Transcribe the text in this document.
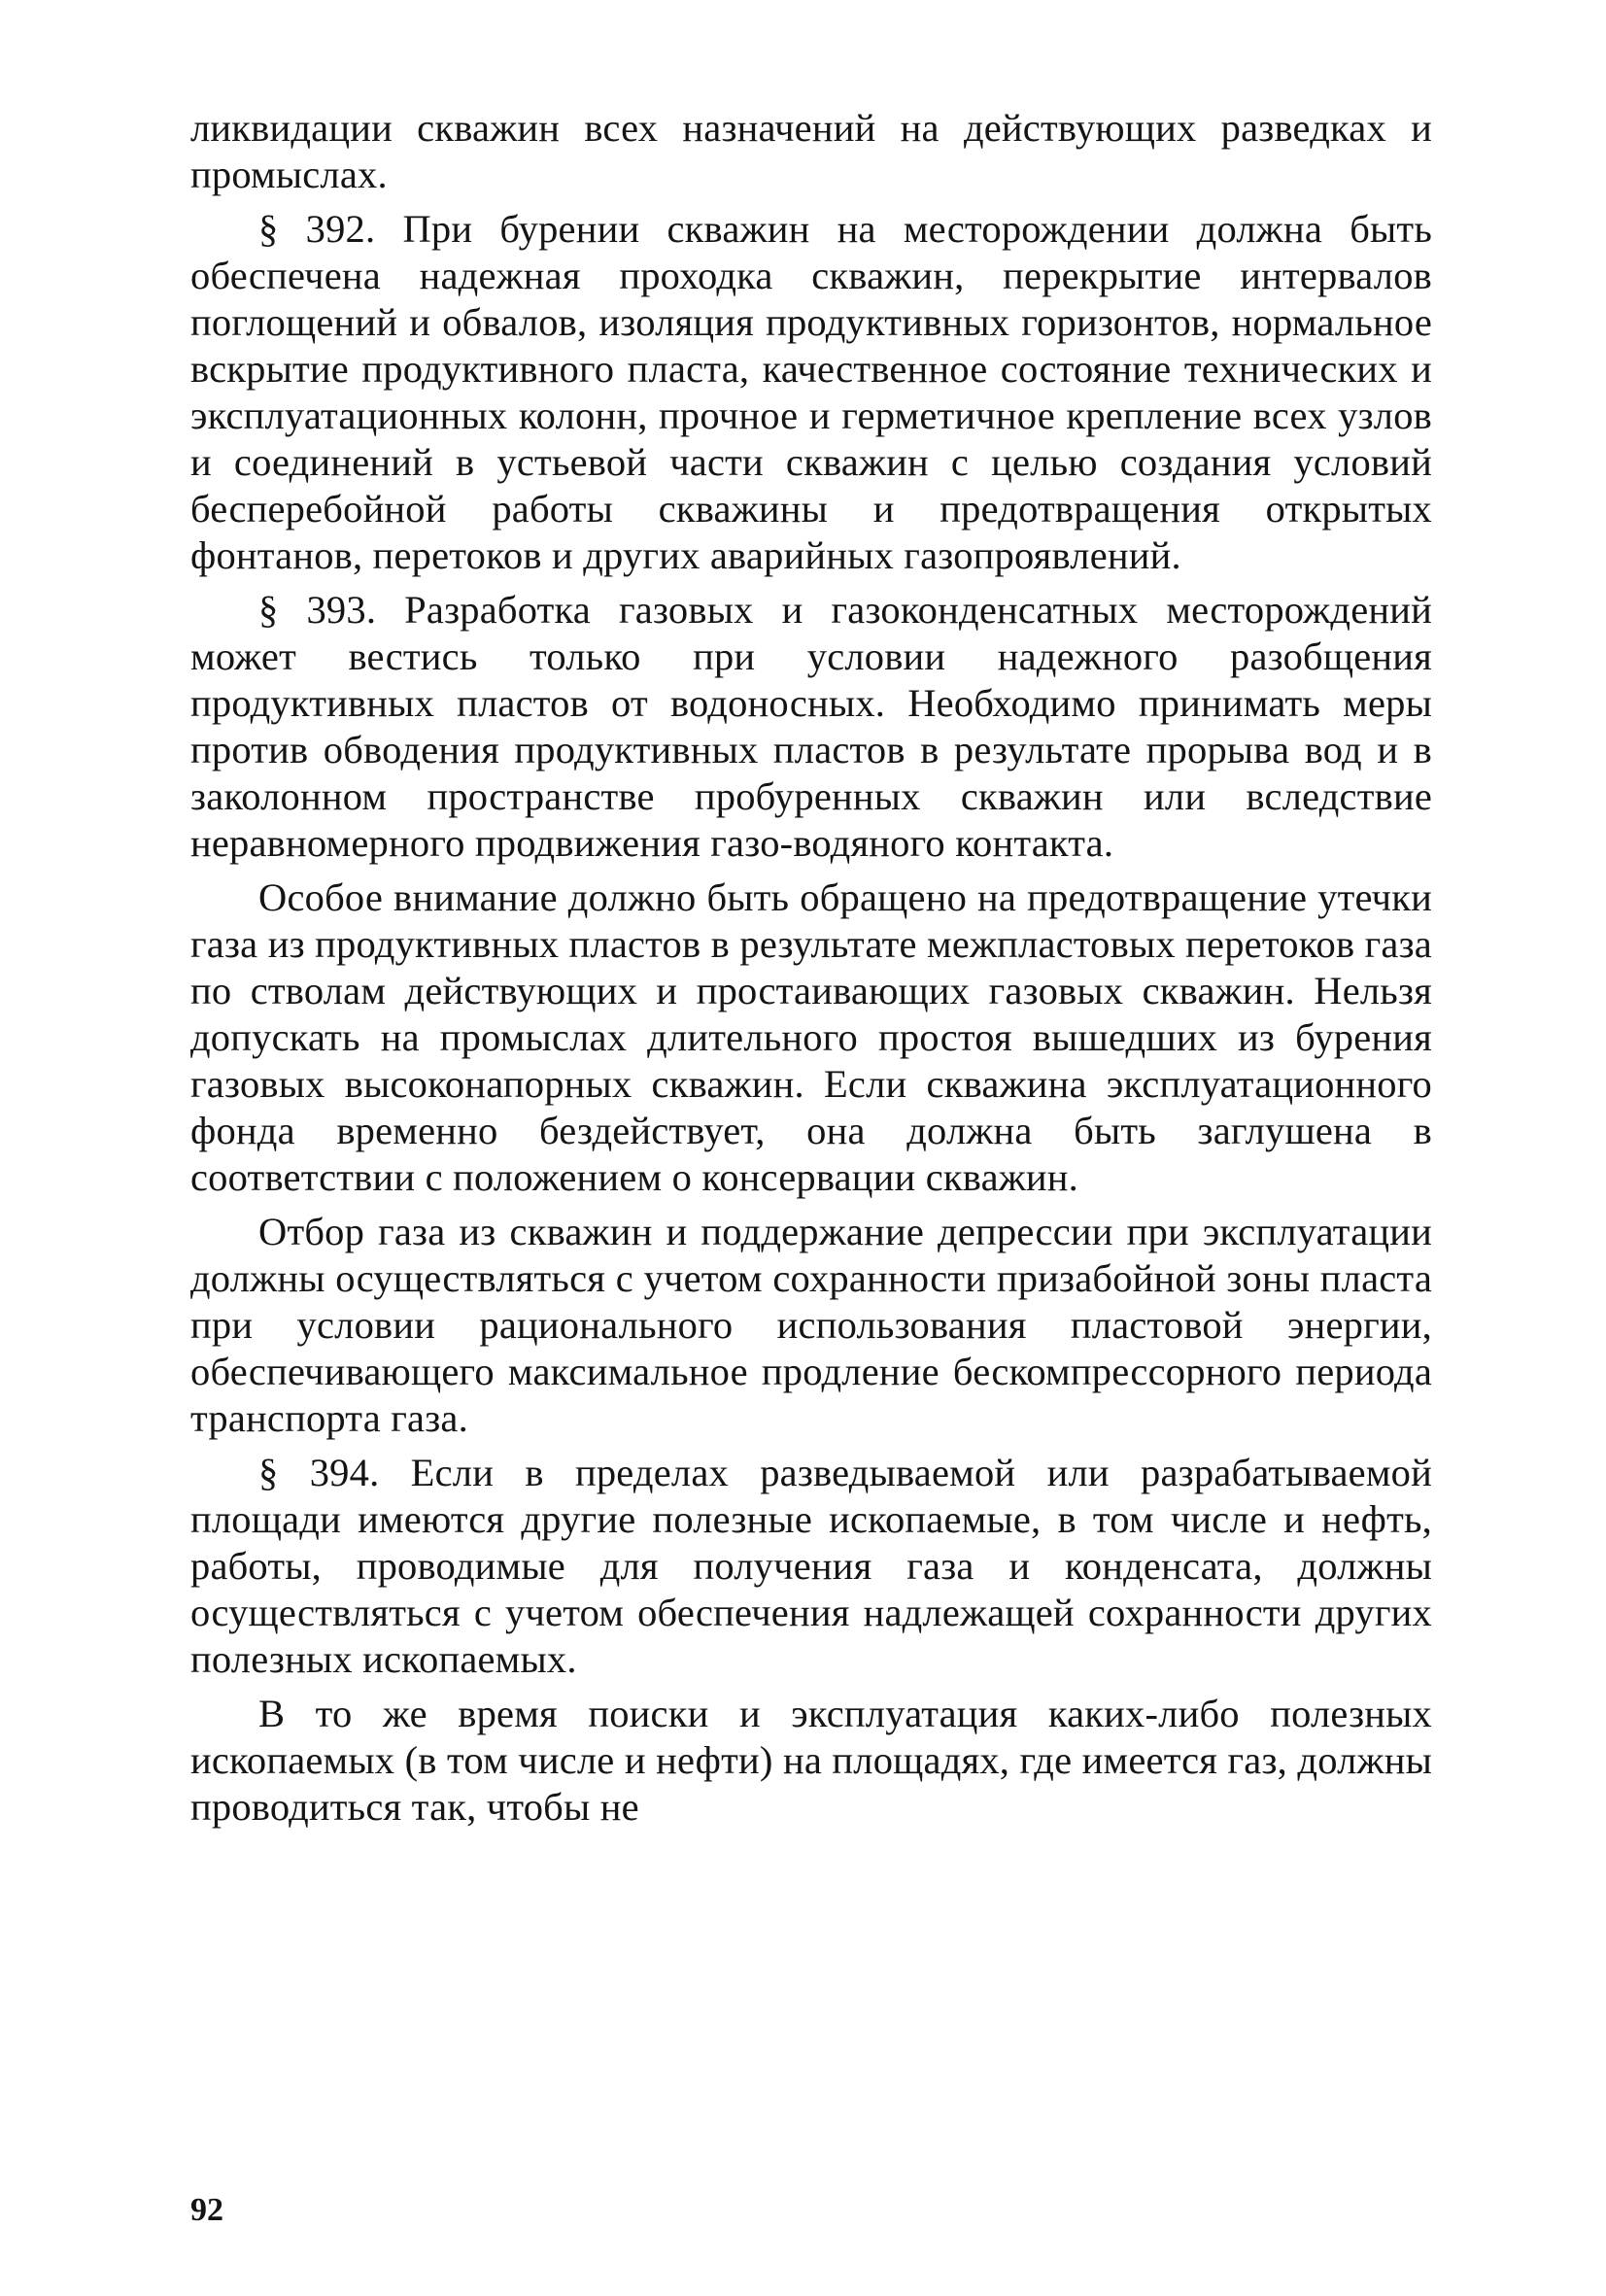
ликвидации скважин всех назначений на действующих разведках и промыслах.

§ 392. При бурении скважин на месторождении должна быть обеспечена надежная проходка скважин, перекрытие интервалов поглощений и обвалов, изоляция продуктивных горизонтов, нормальное вскрытие продуктивного пласта, качественное состояние технических и эксплуатационных колонн, прочное и герметичное крепление всех узлов и соединений в устьевой части скважин с целью создания условий бесперебойной работы скважины и предотвращения открытых фонтанов, перетоков и других аварийных газопроявлений.

§ 393. Разработка газовых и газоконденсатных месторождений может вестись только при условии надежного разобщения продуктивных пластов от водоносных. Необходимо принимать меры против обводения продуктивных пластов в результате прорыва вод и в заколонном пространстве пробуренных скважин или вследствие неравномерного продвижения газо-водяного контакта.

Особое внимание должно быть обращено на предотвращение утечки газа из продуктивных пластов в результате межпластовых перетоков газа по стволам действующих и простаивающих газовых скважин. Нельзя допускать на промыслах длительного простоя вышедших из бурения газовых высоконапорных скважин. Если скважина эксплуатационного фонда временно бездействует, она должна быть заглушена в соответствии с положением о консервации скважин.

Отбор газа из скважин и поддержание депрессии при эксплуатации должны осуществляться с учетом сохранности призабойной зоны пласта при условии рационального использования пластовой энергии, обеспечивающего максимальное продление бескомпрессорного периода транспорта газа.

§ 394. Если в пределах разведываемой или разрабатываемой площади имеются другие полезные ископаемые, в том числе и нефть, работы, проводимые для получения газа и конденсата, должны осуществляться с учетом обеспечения надлежащей сохранности других полезных ископаемых.

В то же время поиски и эксплуатация каких-либо полезных ископаемых (в том числе и нефти) на площадях, где имеется газ, должны проводиться так, чтобы не

92
